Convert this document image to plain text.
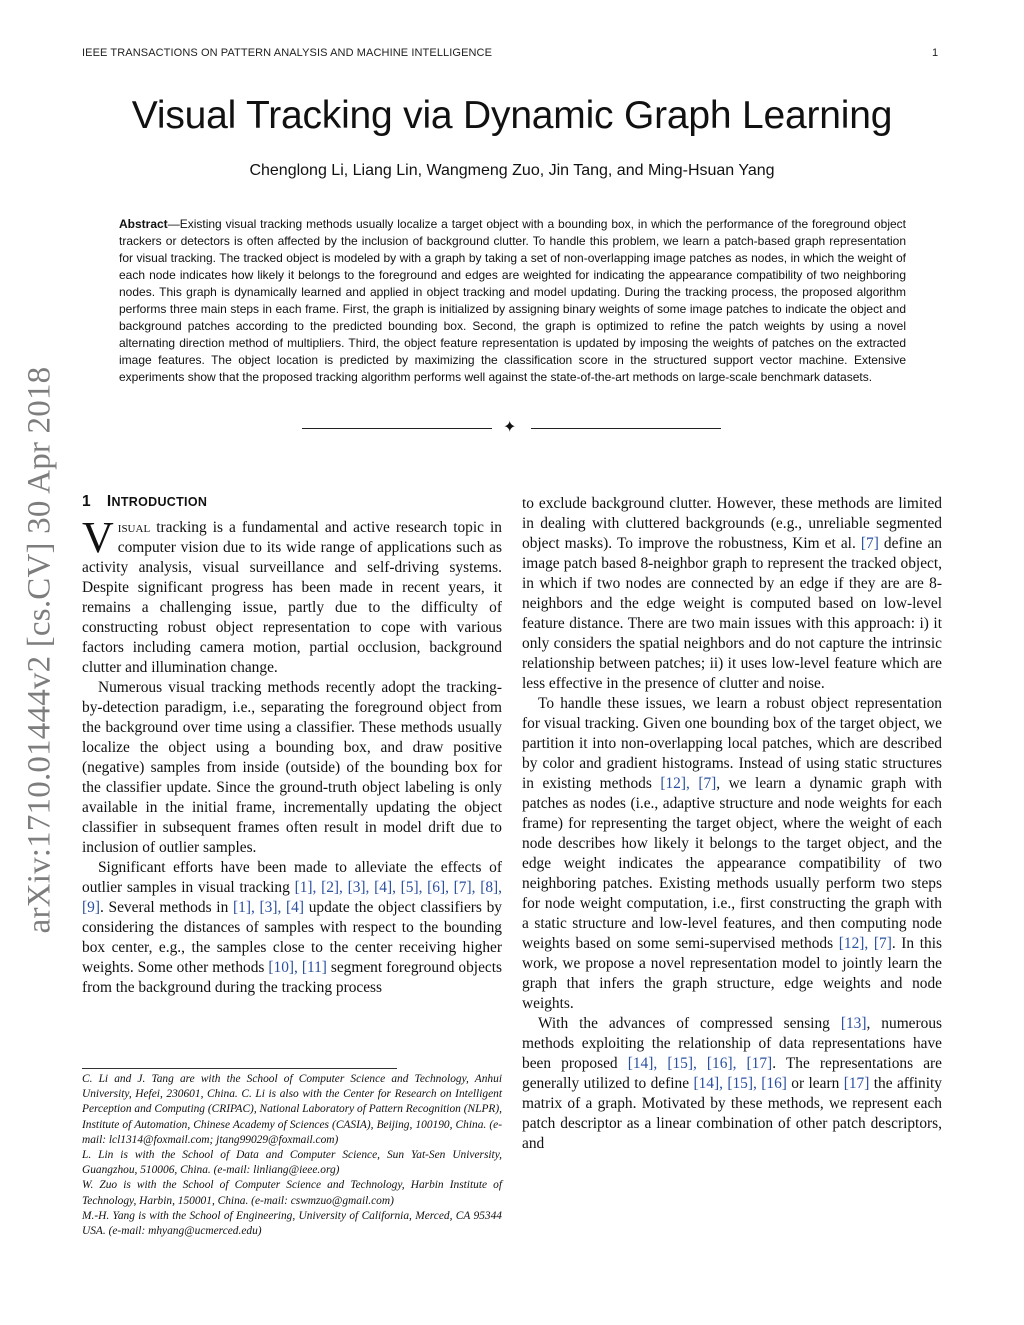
IEEE TRANSACTIONS ON PATTERN ANALYSIS AND MACHINE INTELLIGENCE	1
arXiv:1710.01444v2 [cs.CV] 30 Apr 2018
Visual Tracking via Dynamic Graph Learning
Chenglong Li, Liang Lin, Wangmeng Zuo, Jin Tang, and Ming-Hsuan Yang
Abstract—Existing visual tracking methods usually localize a target object with a bounding box, in which the performance of the foreground object trackers or detectors is often affected by the inclusion of background clutter. To handle this problem, we learn a patch-based graph representation for visual tracking. The tracked object is modeled by with a graph by taking a set of non-overlapping image patches as nodes, in which the weight of each node indicates how likely it belongs to the foreground and edges are weighted for indicating the appearance compatibility of two neighboring nodes. This graph is dynamically learned and applied in object tracking and model updating. During the tracking process, the proposed algorithm performs three main steps in each frame. First, the graph is initialized by assigning binary weights of some image patches to indicate the object and background patches according to the predicted bounding box. Second, the graph is optimized to refine the patch weights by using a novel alternating direction method of multipliers. Third, the object feature representation is updated by imposing the weights of patches on the extracted image features. The object location is predicted by maximizing the classification score in the structured support vector machine. Extensive experiments show that the proposed tracking algorithm performs well against the state-of-the-art methods on large-scale benchmark datasets.
✦
1 INTRODUCTION

Visual tracking is a fundamental and active research topic in computer vision due to its wide range of applications such as activity analysis, visual surveillance and self-driving systems. Despite significant progress has been made in recent years, it remains a challenging issue, partly due to the difficulty of constructing robust object representation to cope with various factors including camera motion, partial occlusion, background clutter and illumination change.

Numerous visual tracking methods recently adopt the tracking-by-detection paradigm, i.e., separating the foreground object from the background over time using a classifier. These methods usually localize the object using a bounding box, and draw positive (negative) samples from inside (outside) of the bounding box for the classifier update. Since the ground-truth object labeling is only available in the initial frame, incrementally updating the object classifier in subsequent frames often result in model drift due to inclusion of outlier samples.

Significant efforts have been made to alleviate the effects of outlier samples in visual tracking [1], [2], [3], [4], [5], [6], [7], [8], [9]. Several methods in [1], [3], [4] update the object classifiers by considering the distances of samples with respect to the bounding box center, e.g., the samples close to the center receiving higher weights. Some other methods [10], [11] segment foreground objects from the background during the tracking process

C. Li and J. Tang are with the School of Computer Science and Technology, Anhui University, Hefei, 230601, China. C. Li is also with the Center for Research on Intelligent Perception and Computing (CRIPAC), National Laboratory of Pattern Recognition (NLPR), Institute of Automation, Chinese Academy of Sciences (CASIA), Beijing, 100190, China. (e-mail: lcl1314@foxmail.com; jtang99029@foxmail.com)
L. Lin is with the School of Data and Computer Science, Sun Yat-Sen University, Guangzhou, 510006, China. (e-mail: linliang@ieee.org)
W. Zuo is with the School of Computer Science and Technology, Harbin Institute of Technology, Harbin, 150001, China. (e-mail: cswmzuo@gmail.com)
M.-H. Yang is with the School of Engineering, University of California, Merced, CA 95344 USA. (e-mail: mhyang@ucmerced.edu)

to exclude background clutter. However, these methods are limited in dealing with cluttered backgrounds (e.g., unreliable segmented object masks). To improve the robustness, Kim et al. [7] define an image patch based 8-neighbor graph to represent the tracked object, in which if two nodes are connected by an edge if they are are 8-neighbors and the edge weight is computed based on low-level feature distance. There are two main issues with this approach: i) it only considers the spatial neighbors and do not capture the intrinsic relationship between patches; ii) it uses low-level feature which are less effective in the presence of clutter and noise.

To handle these issues, we learn a robust object representation for visual tracking. Given one bounding box of the target object, we partition it into non-overlapping local patches, which are described by color and gradient histograms. Instead of using static structures in existing methods [12], [7], we learn a dynamic graph with patches as nodes (i.e., adaptive structure and node weights for each frame) for representing the target object, where the weight of each node describes how likely it belongs to the target object, and the edge weight indicates the appearance compatibility of two neighboring patches. Existing methods usually perform two steps for node weight computation, i.e., first constructing the graph with a static structure and low-level features, and then computing node weights based on some semi-supervised methods [12], [7]. In this work, we propose a novel representation model to jointly learn the graph that infers the graph structure, edge weights and node weights.

With the advances of compressed sensing [13], numerous methods exploiting the relationship of data representations have been proposed [14], [15], [16], [17]. The representations are generally utilized to define [14], [15], [16] or learn [17] the affinity matrix of a graph. Motivated by these methods, we represent each patch descriptor as a linear combination of other patch descriptors, and
